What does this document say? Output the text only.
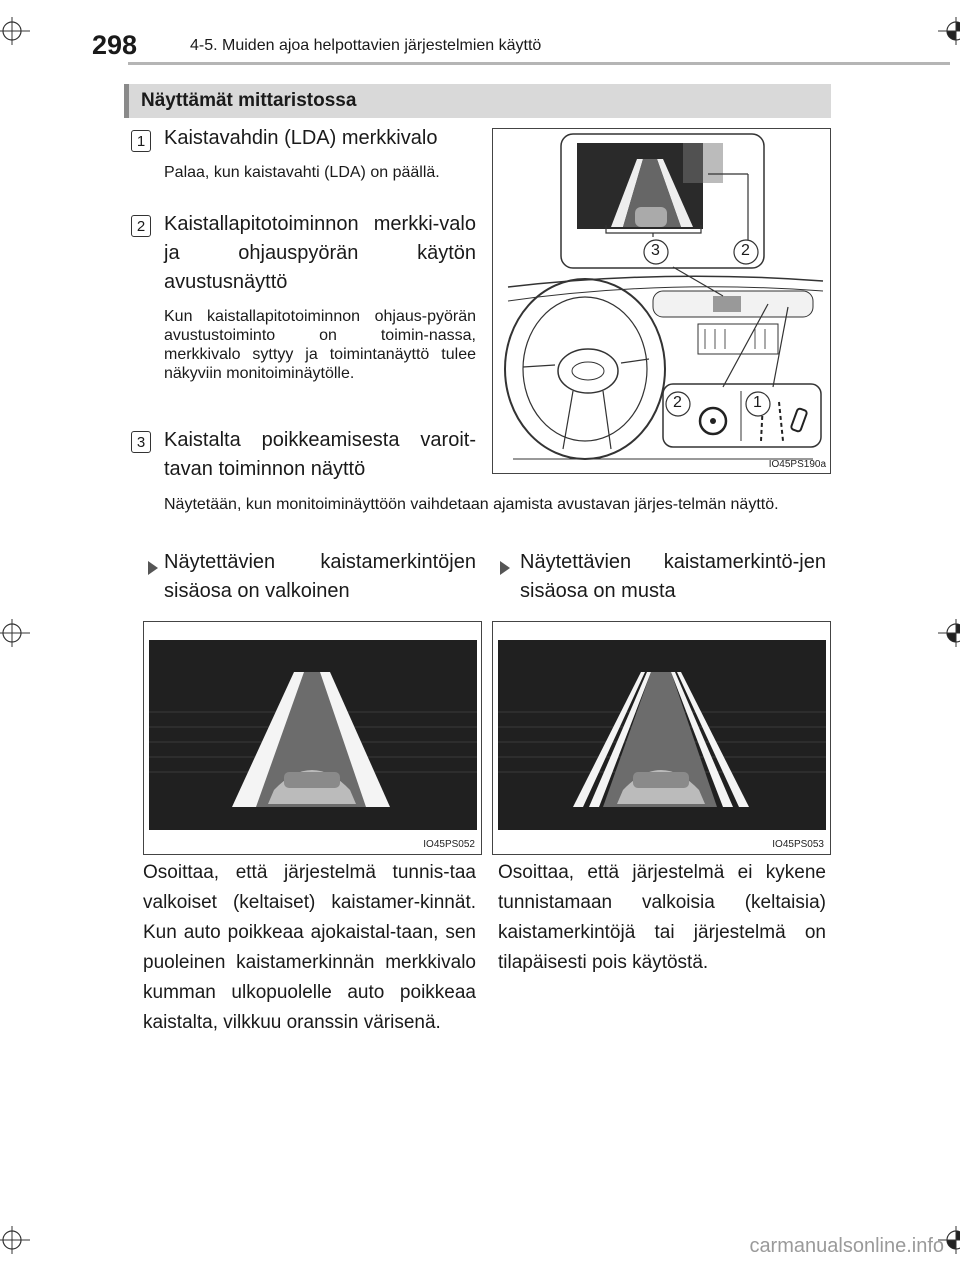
298	4-5. Muiden ajoa helpottavien järjestelmien käyttö
Näyttämät mittaristossa
1 Kaistavahdin (LDA) merkkivalo
Palaa, kun kaistavahti (LDA) on päällä.
2 Kaistallapitotoiminnon merkki-valo ja ohjauspyörän käytön avustusnäyttö
Kun kaistallapitotoiminnon ohjaus-pyörän avustustoiminto on toimin-nassa, merkkivalo syttyy ja toimintanäyttö tulee näkyviin monitoiminäytölle.
3 Kaistalta poikkeamisesta varoit-tavan toiminnon näyttö
Näytetään, kun monitoiminäyttöön vaihdetaan ajamista avustavan järjes-telmän näyttö.
3	2
2	1
IO45PS190a
Näytettävien kaistamerkintöjen sisäosa on valkoinen
Näytettävien kaistamerkintö-jen sisäosa on musta
IO45PS052	IO45PS053
Osoittaa, että järjestelmä tunnis-taa valkoiset (keltaiset) kaistamer-kinnät. Kun auto poikkeaa ajokaistal-taan, sen puoleinen kaistamerkinnän merkkivalo kumman ulkopuolelle auto poikkeaa kaistalta, vilkkuu oranssin värisenä.
Osoittaa, että järjestelmä ei kykene tunnistamaan valkoisia (keltaisia) kaistamerkintöjä tai järjestelmä on tilapäisesti pois käytöstä.
carmanualsonline.info
